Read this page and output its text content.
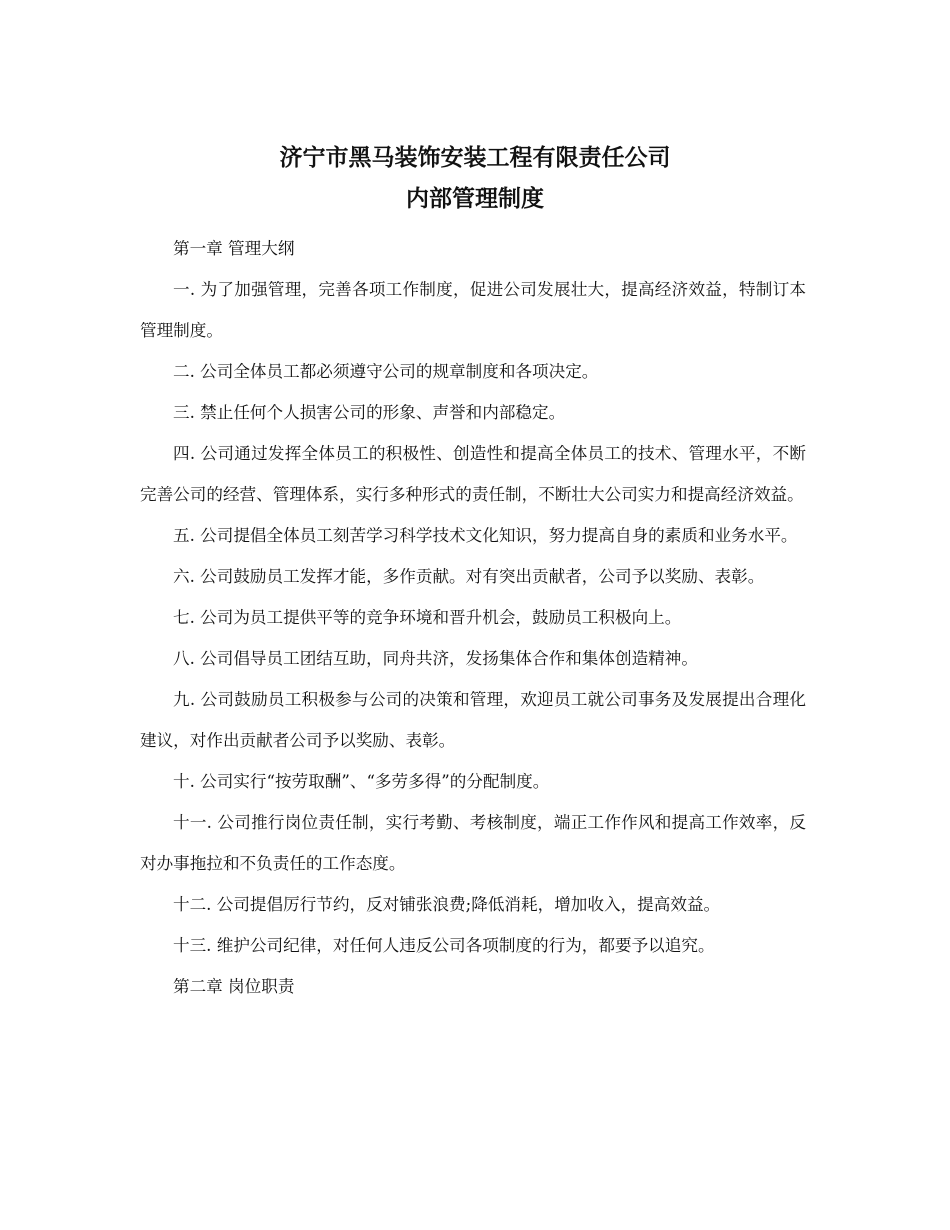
济宁市黑马装饰安装工程有限责任公司
内部管理制度

第一章 管理大纲

一. 为了加强管理，完善各项工作制度，促进公司发展壮大，提高经济效益，特制订本管理制度。

二. 公司全体员工都必须遵守公司的规章制度和各项决定。

三. 禁止任何个人损害公司的形象、声誉和内部稳定。

四. 公司通过发挥全体员工的积极性、创造性和提高全体员工的技术、管理水平，不断完善公司的经营、管理体系，实行多种形式的责任制，不断壮大公司实力和提高经济效益。

五. 公司提倡全体员工刻苦学习科学技术文化知识，努力提高自身的素质和业务水平。

六. 公司鼓励员工发挥才能，多作贡献。对有突出贡献者，公司予以奖励、表彰。

七. 公司为员工提供平等的竞争环境和晋升机会，鼓励员工积极向上。

八. 公司倡导员工团结互助，同舟共济，发扬集体合作和集体创造精神。

九. 公司鼓励员工积极参与公司的决策和管理，欢迎员工就公司事务及发展提出合理化建议，对作出贡献者公司予以奖励、表彰。

十. 公司实行“按劳取酬”、“多劳多得”的分配制度。

十一. 公司推行岗位责任制，实行考勤、考核制度，端正工作作风和提高工作效率，反对办事拖拉和不负责任的工作态度。

十二. 公司提倡厉行节约，反对铺张浪费;降低消耗，增加收入，提高效益。

十三. 维护公司纪律，对任何人违反公司各项制度的行为，都要予以追究。

第二章 岗位职责
